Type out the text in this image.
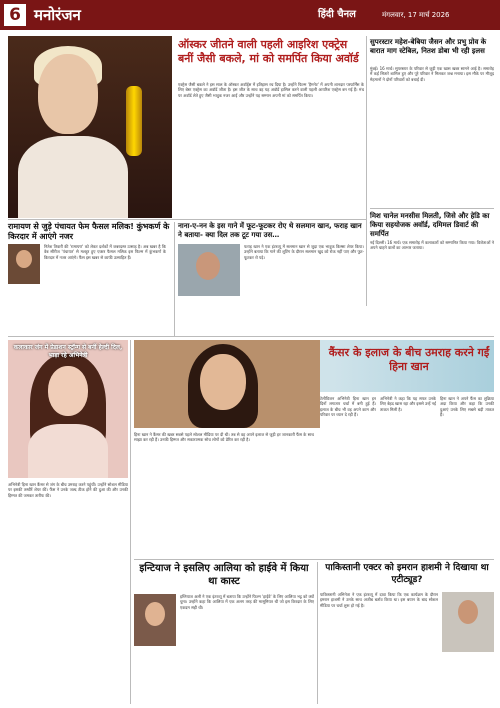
6 मनोरंजन	हिंदी चैनल	मंगलवार, 17 मार्च 2026
ऑस्कर जीतने वाली पहली आइरिश एक्ट्रेस बनीं जैसी बकले, मां को समर्पित किया अवॉर्ड

एक्ट्रेस जैसी बकले ने इस साल के ऑस्कर अवॉर्ड्स में इतिहास रच दिया है। उन्होंने फिल्म 'हैमनेट' में अपनी शानदार परफॉर्मेंस के लिए बेस्ट एक्ट्रेस का अवॉर्ड जीता है। इस जीत के साथ वह यह अवॉर्ड हासिल करने वाली पहली आयरिश एक्ट्रेस बन गई हैं। मंच पर अवॉर्ड लेते हुए जैसी भावुक नजर आईं और उन्होंने यह सम्मान अपनी मां को समर्पित किया।

सुपरस्टार महेश-बेबिया जैसन और प्रभु प्रोव के बारात माग स्टेबिल, नितश डोबा भी रही इलस

मुंबई। 16 मार्च। सुपरस्टार के परिवार से जुड़ी एक खास खबर सामने आई है। समारोह में कई सितारे शामिल हुए और पूरे परिवार ने मिलकर जश्न मनाया। इस मौके पर मौजूद मेहमानों ने दोनों परिवारों को बधाई दी।

मिश चानेल मनसीस मिलती, जिसे और हेडि का किया सहयोजक अवॉर्ड, दमिमल डिवार्ट की समर्पित

नई दिल्ली। 16 मार्च। एक समारोह में कलाकारों को सम्मानित किया गया। विजेताओं ने अपने चाहने वालों का आभार जताया।

रामायण से जुड़े पंचायत फेम फैसल मलिक! कुंभकर्ण के किरदार में आएंगे नजर

नितेश तिवारी की 'रामायण' को लेकर दर्शकों में जबरदस्त उत्साह है। अब खबर है कि वेब सीरीज 'पंचायत' से मशहूर हुए एक्टर फैसल मलिक इस फिल्म में कुंभकर्ण के किरदार में नजर आएंगे। फैंस इस खबर से काफी उत्साहित हैं।

नाना-ए-नन के इस गाने में फूट-फूटकर रोए थे सलमान खान, फराह खान ने बताया- क्या दिल तक टूट गया उस…

फराह खान ने एक इंटरव्यू में सलमान खान से जुड़ा एक भावुक किस्सा शेयर किया। उन्होंने बताया कि गाने की शूटिंग के दौरान सलमान खुद को रोक नहीं पाए और फूट-फूटकर रो पड़े।

कलाकार जंग में प्रेडाशन स्ट्रॉन्ग से बनीं हेल्दी दिल, भाड़ा रहे अभिनेत्री

अभिनेत्री हिना खान कैंसर से जंग के बीच उमराह करने पहुंचीं। उन्होंने सोशल मीडिया पर इसकी तस्वीरें शेयर कीं। फैंस ने उनके जल्द ठीक होने की दुआ की और उनकी हिम्मत की जमकर तारीफ की।

कैंसर के इलाज के बीच उमराह करने गईं हिना खान

हिना खान ने कैंसर की खबर सबसे पहले सोशल मीडिया पर दी थी। तब से वह अपने इलाज से जुड़ी हर जानकारी फैंस के साथ साझा कर रही हैं। उनकी हिम्मत और सकारात्मक सोच लोगों को प्रेरित कर रही है।

टेलीविजन अभिनेत्री हिना खान इन दिनों लगातार चर्चा में बनी हुई हैं। इलाज के बीच भी वह अपने काम और परिवार पर ध्यान दे रही हैं।

अभिनेत्री ने कहा कि यह सफर उनके लिए बेहद खास रहा और इससे उन्हें नई ताकत मिली है।

हिना खान ने अपने फैंस का शुक्रिया अदा किया और कहा कि उनकी दुआएं उनके लिए सबसे बड़ी ताकत हैं।

इन्टियाज ने इसलिए आलिया को हाईवे में किया था कास्ट

इम्तियाज अली ने एक इंटरव्यू में बताया कि उन्होंने फिल्म 'हाईवे' के लिए आलिया भट्ट को क्यों चुना। उन्होंने कहा कि आलिया में एक अलग तरह की मासूमियत थी जो इस किरदार के लिए एकदम सही थी।

पाकिस्तानी एक्टर को इमरान हाशमी ने दिखाया था एटीट्यूड?

पाकिस्तानी अभिनेता ने एक इंटरव्यू में दावा किया कि एक कार्यक्रम के दौरान इमरान हाशमी ने उनके साथ अजीब बर्ताव किया था। इस बयान के बाद सोशल मीडिया पर चर्चा शुरू हो गई है।
